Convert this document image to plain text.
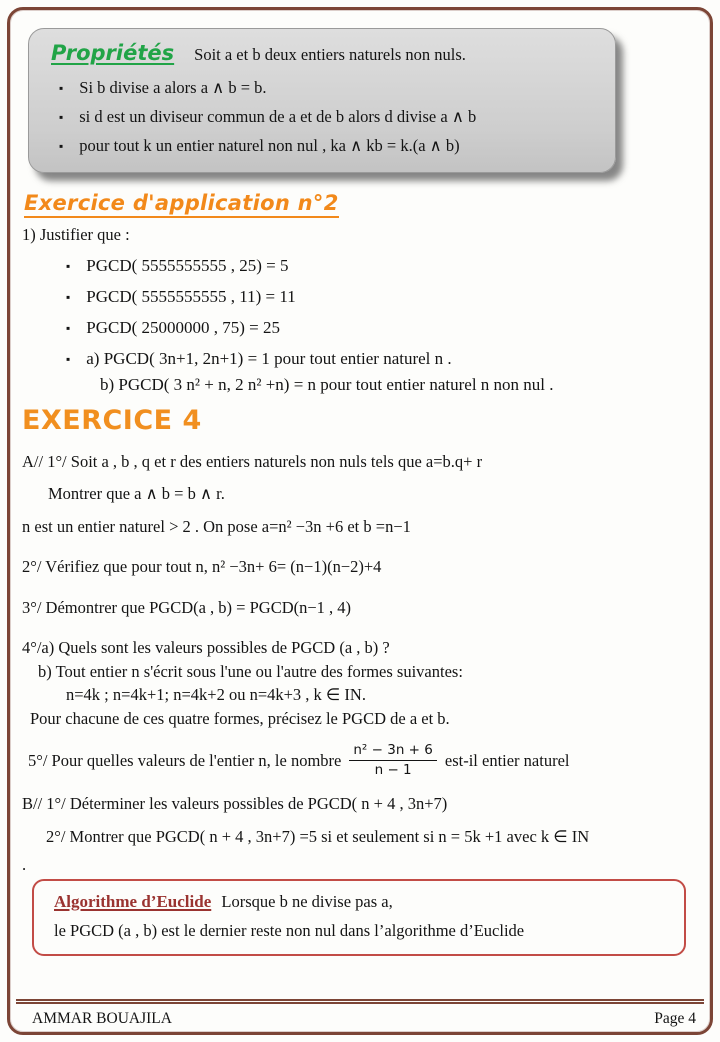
Propriétés Soit a et b deux entiers naturels non nuls.
▪
Si b divise a alors a ∧ b = b.
▪
si d est un diviseur commun de a et de b alors d divise a ∧ b
▪
pour tout k un entier naturel non nul , ka ∧ kb = k.(a ∧ b)
Exercice d'application n°2
1) Justifier que :
▪
PGCD( 5555555555 , 25) = 5
▪
PGCD( 5555555555 , 11) = 11
▪
PGCD( 25000000 , 75) = 25
▪
a) PGCD( 3n+1, 2n+1) = 1 pour tout entier naturel n .
b) PGCD( 3 n² + n, 2 n² +n) = n pour tout entier naturel n non nul .
EXERCICE 4
A// 1°/ Soit a , b , q et r des entiers naturels non nuls tels que a=b.q+ r
Montrer que a ∧ b = b ∧ r.
n est un entier naturel > 2 . On pose a=n² −3n +6 et b =n−1
2°/ Vérifiez que pour tout n, n² −3n+ 6= (n−1)(n−2)+4
3°/ Démontrer que PGCD(a , b) = PGCD(n−1 , 4)
4°/a) Quels sont les valeurs possibles de PGCD (a , b) ?
b) Tout entier n s'écrit sous l'une ou l'autre des formes suivantes:
n=4k ; n=4k+1; n=4k+2 ou n=4k+3 , k ∈ IN.
Pour chacune de ces quatre formes, précisez le PGCD de a et b.
5°/ Pour quelles valeurs de l'entier n, le nombre $\frac{\text{n² − 3n + 6}}{n - 1} est-il$ entier naturel
B// 1°/ Déterminer les valeurs possibles de PGCD( n + 4 , 3n+7)
2°/ Montrer que PGCD( n + 4 , 3n+7) =5 si et seulement si n = 5k +1 avec k ∈ IN
.
Algorithme d’Euclide Lorsque b ne divise pas a,
le PGCD (a , b) est le dernier reste non nul dans l’algorithme d’Euclide
AMMAR BOUAJILA	Page 4
